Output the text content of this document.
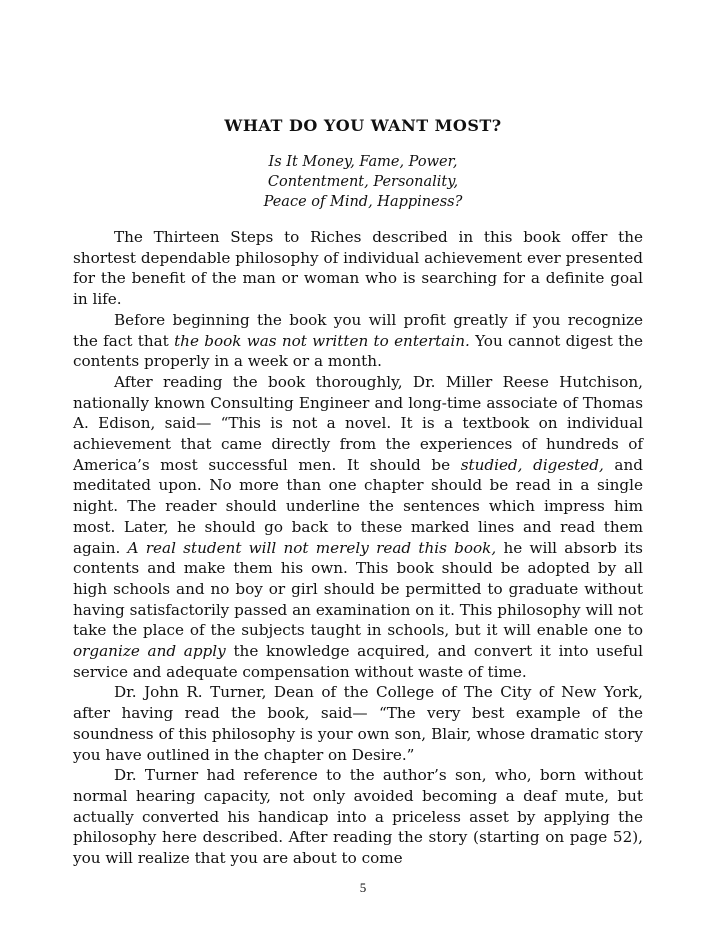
WHAT DO YOU WANT MOST?
Is It Money, Fame, Power,
Contentment, Personality,
Peace of Mind, Happiness?

The Thirteen Steps to Riches described in this book offer the shortest dependable philosophy of individual achievement ever presented for the benefit of the man or woman who is searching for a definite goal in life.

Before beginning the book you will profit greatly if you recognize the fact that the book was not written to entertain. You cannot digest the contents properly in a week or a month.

After reading the book thoroughly, Dr. Miller Reese Hutchison, nationally known Consulting Engineer and long-time associate of Thomas A. Edison, said— “This is not a novel. It is a textbook on individual achievement that came directly from the experiences of hundreds of America’s most successful men. It should be studied, digested, and meditated upon. No more than one chapter should be read in a single night. The reader should underline the sentences which impress him most. Later, he should go back to these marked lines and read them again. A real student will not merely read this book, he will absorb its contents and make them his own. This book should be adopted by all high schools and no boy or girl should be permitted to graduate without having satisfactorily passed an examination on it. This philosophy will not take the place of the subjects taught in schools, but it will enable one to organize and apply the knowledge acquired, and convert it into useful service and adequate compensation without waste of time.

Dr. John R. Turner, Dean of the College of The City of New York, after having read the book, said— “The very best example of the soundness of this philosophy is your own son, Blair, whose dramatic story you have outlined in the chapter on Desire.”

Dr. Turner had reference to the author’s son, who, born without normal hearing capacity, not only avoided becoming a deaf mute, but actually converted his handicap into a priceless asset by applying the philosophy here described. After reading the story (starting on page 52), you will realize that you are about to come

5
